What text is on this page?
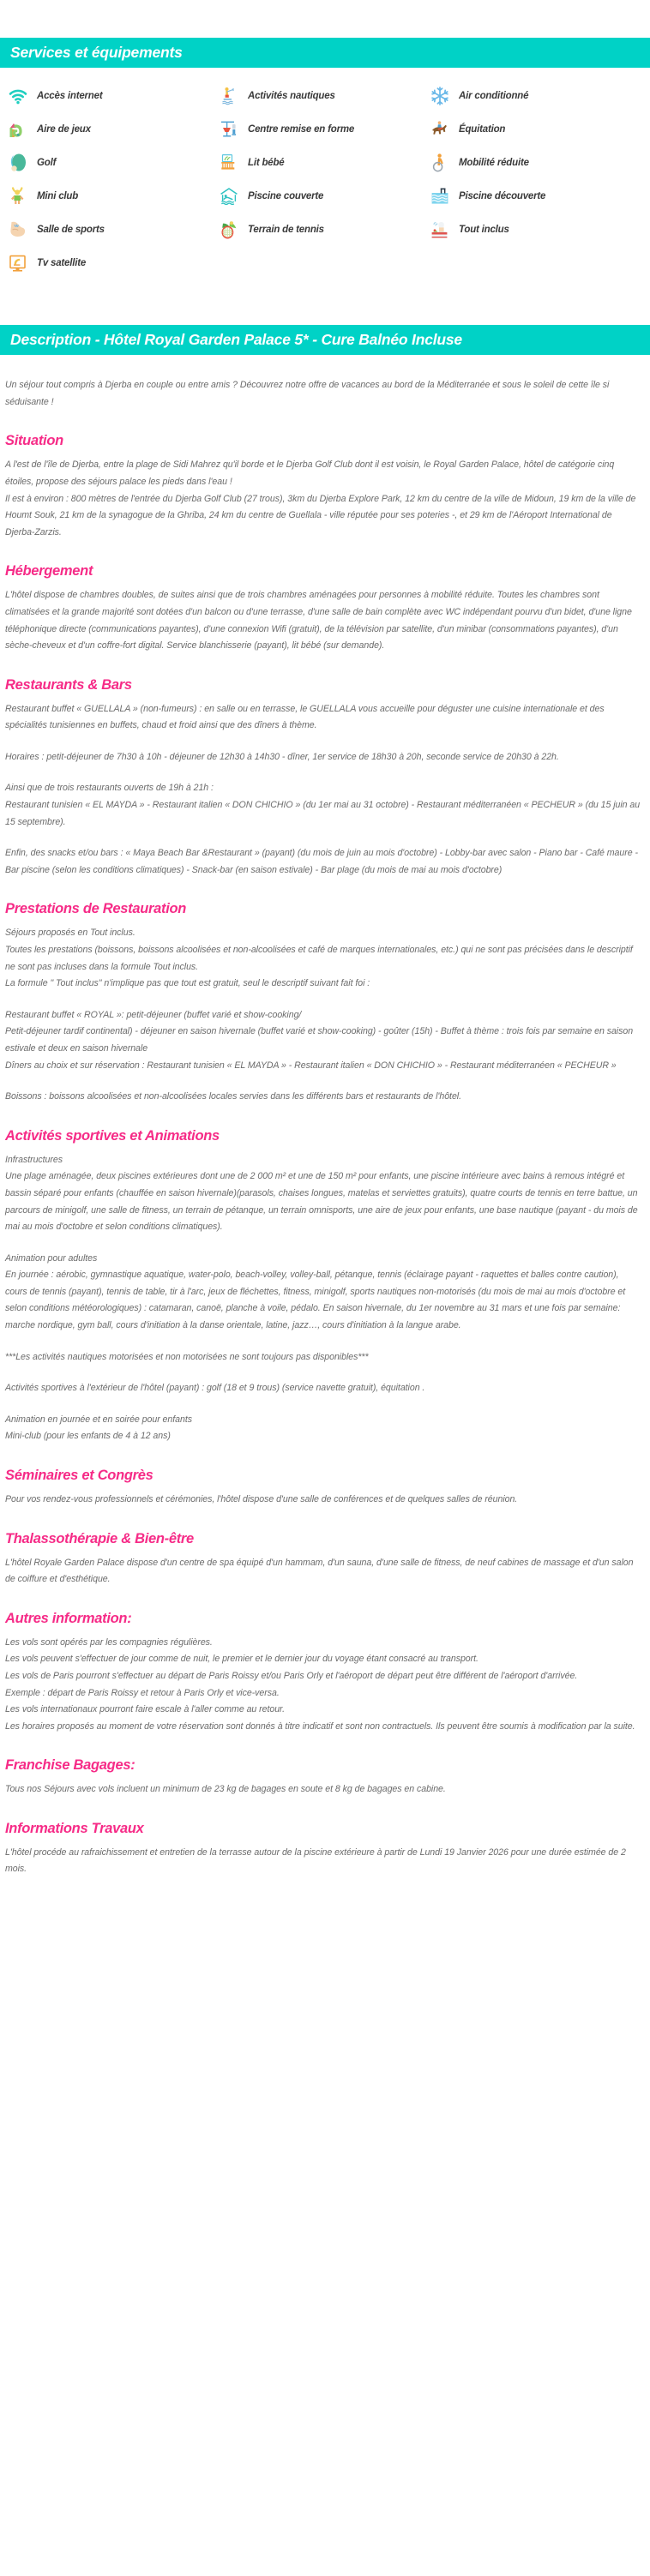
Services et équipements
Accès internet	Activités nautiques	Air conditionné
Aire de jeux	Centre remise en forme	Équitation
Golf	Lit bébé	Mobilité réduite
Mini club	Piscine couverte	Piscine découverte
Salle de sports	Terrain de tennis	Tout inclus
Tv satellite
Description - Hôtel Royal Garden Palace 5* - Cure Balnéo Incluse

Un séjour tout compris à Djerba en couple ou entre amis ? Découvrez notre offre de vacances au bord de la Méditerranée et sous le soleil de cette île si séduisante !

Situation

A l'est de l'île de Djerba, entre la plage de Sidi Mahrez qu'il borde et le Djerba Golf Club dont il est voisin, le Royal Garden Palace, hôtel de catégorie cinq étoiles, propose des séjours palace les pieds dans l'eau !

Il est à environ : 800 mètres de l'entrée du Djerba Golf Club (27 trous), 3km du Djerba Explore Park, 12 km du centre de la ville de Midoun, 19 km de la ville de Houmt Souk, 21 km de la synagogue de la Ghriba, 24 km du centre de Guellala - ville réputée pour ses poteries -, et 29 km de l'Aéroport International de Djerba-Zarzis.

Hébergement

L'hôtel dispose de chambres doubles, de suites ainsi que de trois chambres aménagées pour personnes à mobilité réduite. Toutes les chambres sont climatisées et la grande majorité sont dotées d'un balcon ou d'une terrasse, d'une salle de bain complète avec WC indépendant pourvu d'un bidet, d'une ligne téléphonique directe (communications payantes), d'une connexion Wifi (gratuit), de la télévision par satellite, d'un minibar (consommations payantes), d'un sèche-cheveux et d'un coffre-fort digital. Service blanchisserie (payant), lit bébé (sur demande).

Restaurants & Bars

Restaurant buffet « GUELLALA » (non-fumeurs) : en salle ou en terrasse, le GUELLALA vous accueille pour déguster une cuisine internationale et des spécialités tunisiennes en buffets, chaud et froid ainsi que des dîners à thème.

Horaires : petit-déjeuner de 7h30 à 10h - déjeuner de 12h30 à 14h30 - dîner, 1er service de 18h30 à 20h, seconde service de 20h30 à 22h.

Ainsi que de trois restaurants ouverts de 19h à 21h :
Restaurant tunisien « EL MAYDA » - Restaurant italien « DON CHICHIO » (du 1er mai au 31 octobre) - Restaurant méditerranéen « PECHEUR » (du 15 juin au 15 septembre).

Enfin, des snacks et/ou bars : « Maya Beach Bar &Restaurant » (payant) (du mois de juin au mois d'octobre) - Lobby-bar avec salon - Piano bar - Café maure - Bar piscine (selon les conditions climatiques) - Snack-bar (en saison estivale) - Bar plage (du mois de mai au mois d'octobre)

Prestations de Restauration

Séjours proposés en Tout inclus.
Toutes les prestations (boissons, boissons alcoolisées et non-alcoolisées et café de marques internationales, etc.) qui ne sont pas précisées dans le descriptif ne sont pas incluses dans la formule Tout inclus.
La formule " Tout inclus" n'implique pas que tout est gratuit, seul le descriptif suivant fait foi :

Restaurant buffet « ROYAL »: petit-déjeuner (buffet varié et show-cooking/
Petit-déjeuner tardif continental) - déjeuner en saison hivernale (buffet varié et show-cooking) - goûter (15h) - Buffet à thème : trois fois par semaine en saison estivale et deux en saison hivernale
Dîners au choix et sur réservation : Restaurant tunisien « EL MAYDA » - Restaurant italien « DON CHICHIO » - Restaurant méditerranéen « PECHEUR »

Boissons : boissons alcoolisées et non-alcoolisées locales servies dans les différents bars et restaurants de l'hôtel.

Activités sportives et Animations

Infrastructures
Une plage aménagée, deux piscines extérieures dont une de 2 000 m² et une de 150 m² pour enfants, une piscine intérieure avec bains à remous intégré et bassin séparé pour enfants (chauffée en saison hivernale)(parasols, chaises longues, matelas et serviettes gratuits), quatre courts de tennis en terre battue, un parcours de minigolf, une salle de fitness, un terrain de pétanque, un terrain omnisports, une aire de jeux pour enfants, une base nautique (payant - du mois de mai au mois d'octobre et selon conditions climatiques).

Animation pour adultes
En journée : aérobic, gymnastique aquatique, water-polo, beach-volley, volley-ball, pétanque, tennis (éclairage payant - raquettes et balles contre caution), cours de tennis (payant), tennis de table, tir à l'arc, jeux de fléchettes, fitness, minigolf, sports nautiques non-motorisés (du mois de mai au mois d'octobre et selon conditions météorologiques) : catamaran, canoë, planche à voile, pédalo. En saison hivernale, du 1er novembre au 31 mars et une fois par semaine: marche nordique, gym ball, cours d'initiation à la danse orientale, latine, jazz…, cours d'initiation à la langue arabe.

***Les activités nautiques motorisées et non motorisées ne sont toujours pas disponibles***

Activités sportives à l'extérieur de l'hôtel (payant) : golf (18 et 9 trous) (service navette gratuit), équitation .

Animation en journée et en soirée pour enfants
Mini-club (pour les enfants de 4 à 12 ans)

Séminaires et Congrès

Pour vos rendez-vous professionnels et cérémonies, l'hôtel dispose d'une salle de conférences et de quelques salles de réunion.

Thalassothérapie & Bien-être

L'hôtel Royale Garden Palace dispose d'un centre de spa équipé d'un hammam, d'un sauna, d'une salle de fitness, de neuf cabines de massage et d'un salon de coiffure et d'esthétique.

Autres information:

Les vols sont opérés par les compagnies régulières.
Les vols peuvent s'effectuer de jour comme de nuit, le premier et le dernier jour du voyage étant consacré au transport.
Les vols de Paris pourront s'effectuer au départ de Paris Roissy et/ou Paris Orly et l'aéroport de départ peut être différent de l'aéroport d'arrivée.
Exemple : départ de Paris Roissy et retour à Paris Orly et vice-versa.
Les vols internationaux pourront faire escale à l'aller comme au retour.
Les horaires proposés au moment de votre réservation sont donnés à titre indicatif et sont non contractuels. Ils peuvent être soumis à modification par la suite.

Franchise Bagages:

Tous nos Séjours avec vols incluent un minimum de 23 kg de bagages en soute et 8 kg de bagages en cabine.

Informations Travaux

L'hôtel procéde au rafraichissement et entretien de la terrasse autour de la piscine extérieure à partir de Lundi 19 Janvier 2026 pour une durée estimée de 2 mois.
